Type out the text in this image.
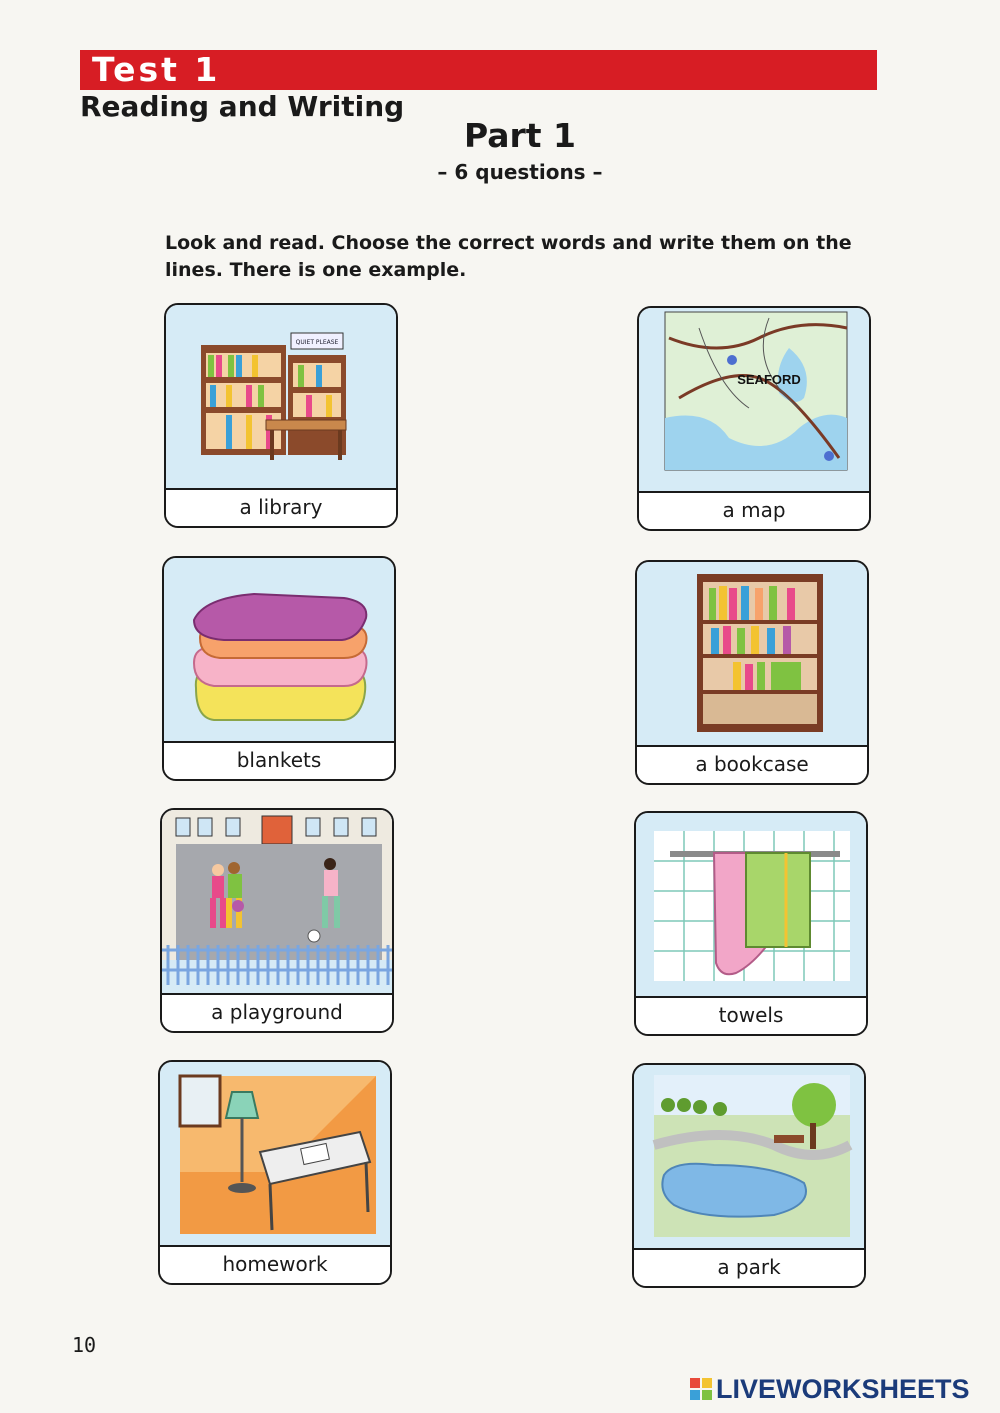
Test 1
Reading and Writing
Part 1
– 6 questions –
Look and read. Choose the correct words and write them on the lines. There is one example.
QUIET PLEASE
a library
SEAFORD
a map
blankets	a bookcase
a playground	towels
homework	a park
10
LIVEWORKSHEETS
